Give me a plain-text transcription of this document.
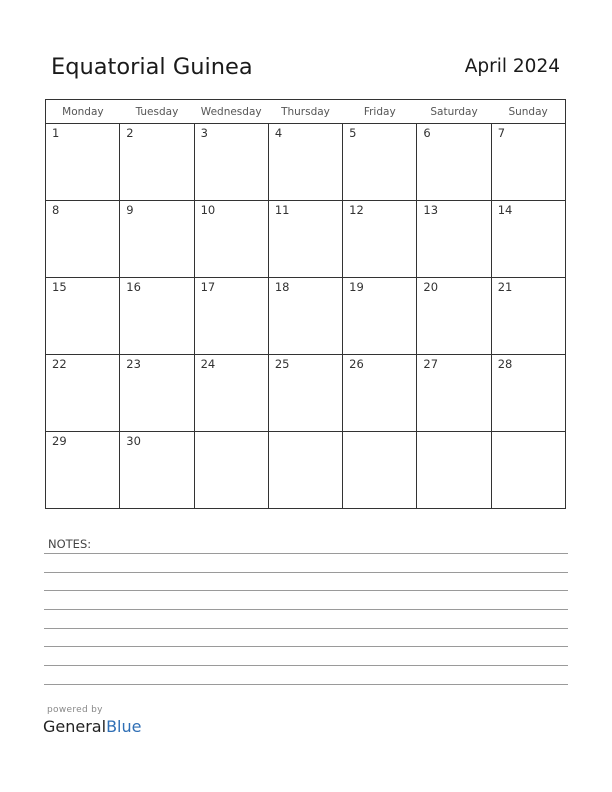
Equatorial Guinea	April 2024
Monday	Tuesday	Wednesday	Thursday	Friday	Saturday	Sunday

1	2	3	4	5	6	7

8	9	10	11	12	13	14

15	16	17	18	19	20	21

22	23	24	25	26	27	28

29	30					

NOTES:
powered by
GeneralBlue
